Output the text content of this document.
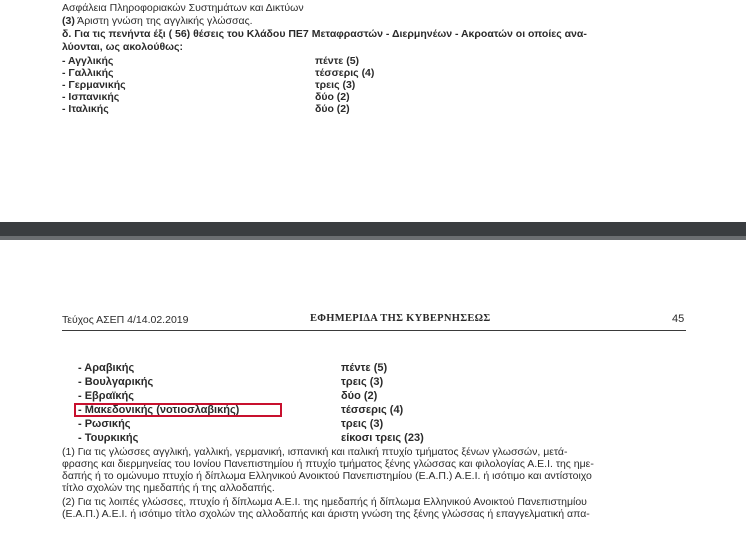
Ασφάλεια Πληροφοριακών Συστημάτων και Δικτύων
(3) Άριστη γνώση της αγγλικής γλώσσας.
δ. Για τις πενήντα έξι ( 56) θέσεις του Κλάδου ΠΕ7 Μεταφραστών - Διερμηνέων - Ακροατών οι οποίες ανα-
λύονται, ως ακολούθως:
- Αγγλικής	πέντε (5)
- Γαλλικής	τέσσερις (4)
- Γερμανικής	τρεις (3)
- Ισπανικής	δύο (2)
- Ιταλικής	δύο (2)
Τεύχος ΑΣΕΠ 4/14.02.2019	ΕΦΗΜΕΡΙΔΑ ΤΗΣ ΚΥΒΕΡΝΗΣΕΩΣ	45
- Αραβικής	πέντε (5)
- Βουλγαρικής	τρεις (3)
- Εβραϊκής	δύο (2)
- Μακεδονικής (νοτιοσλαβικής)	τέσσερις (4)
- Ρωσικής	τρεις (3)
- Τουρκικής	είκοσι τρεις (23)
(1) Για τις γλώσσες αγγλική, γαλλική, γερμανική, ισπανική και ιταλική πτυχίο τμήματος ξένων γλωσσών, μετά-
φρασης και διερμηνείας του Ιονίου Πανεπιστημίου ή πτυχίο τμήματος ξένης γλώσσας και φιλολογίας Α.Ε.Ι. της ημε-
δαπής ή το ομώνυμο πτυχίο ή δίπλωμα Ελληνικού Ανοικτού Πανεπιστημίου (Ε.Α.Π.) Α.Ε.Ι. ή ισότιμο και αντίστοιχο
τίτλο σχολών της ημεδαπής ή της αλλοδαπής.
(2) Για τις λοιπές γλώσσες, πτυχίο ή δίπλωμα Α.Ε.Ι. της ημεδαπής ή δίπλωμα Ελληνικού Ανοικτού Πανεπιστημίου
(Ε.Α.Π.) Α.Ε.Ι. ή ισότιμο τίτλο σχολών της αλλοδαπής και άριστη γνώση της ξένης γλώσσας ή επαγγελματική απα-
